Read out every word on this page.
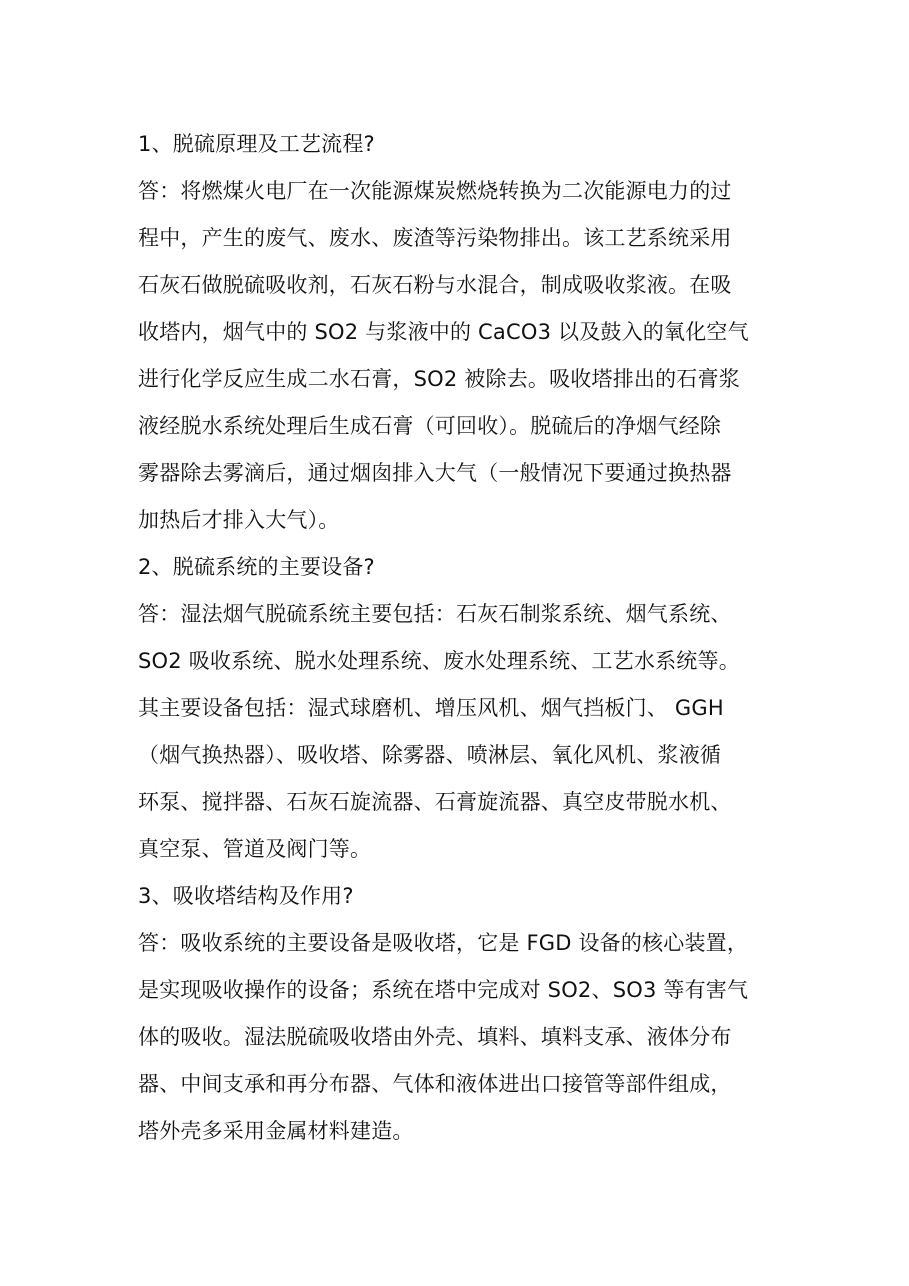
1、脱硫原理及工艺流程?
答：将燃煤火电厂在一次能源煤炭燃烧转换为二次能源电力的过
程中，产生的废气、废水、废渣等污染物排出。该工艺系统采用
石灰石做脱硫吸收剂，石灰石粉与水混合，制成吸收浆液。在吸
收塔内，烟气中的 SO2 与浆液中的 CaCO3 以及鼓入的氧化空气
进行化学反应生成二水石膏，SO2 被除去。吸收塔排出的石膏浆
液经脱水系统处理后生成石膏（可回收）。脱硫后的净烟气经除
雾器除去雾滴后，通过烟囱排入大气（一般情况下要通过换热器
加热后才排入大气）。
2、脱硫系统的主要设备?
答：湿法烟气脱硫系统主要包括：石灰石制浆系统、烟气系统、
SO2 吸收系统、脱水处理系统、废水处理系统、工艺水系统等。
其主要设备包括：湿式球磨机、增压风机、烟气挡板门、 GGH
（烟气换热器）、吸收塔、除雾器、喷淋层、氧化风机、浆液循
环泵、搅拌器、石灰石旋流器、石膏旋流器、真空皮带脱水机、
真空泵、管道及阀门等。
3、吸收塔结构及作用?
答：吸收系统的主要设备是吸收塔，它是 FGD 设备的核心装置，
是实现吸收操作的设备；系统在塔中完成对 SO2、SO3 等有害气
体的吸收。湿法脱硫吸收塔由外壳、填料、填料支承、液体分布
器、中间支承和再分布器、气体和液体进出口接管等部件组成，
塔外壳多采用金属材料建造。
